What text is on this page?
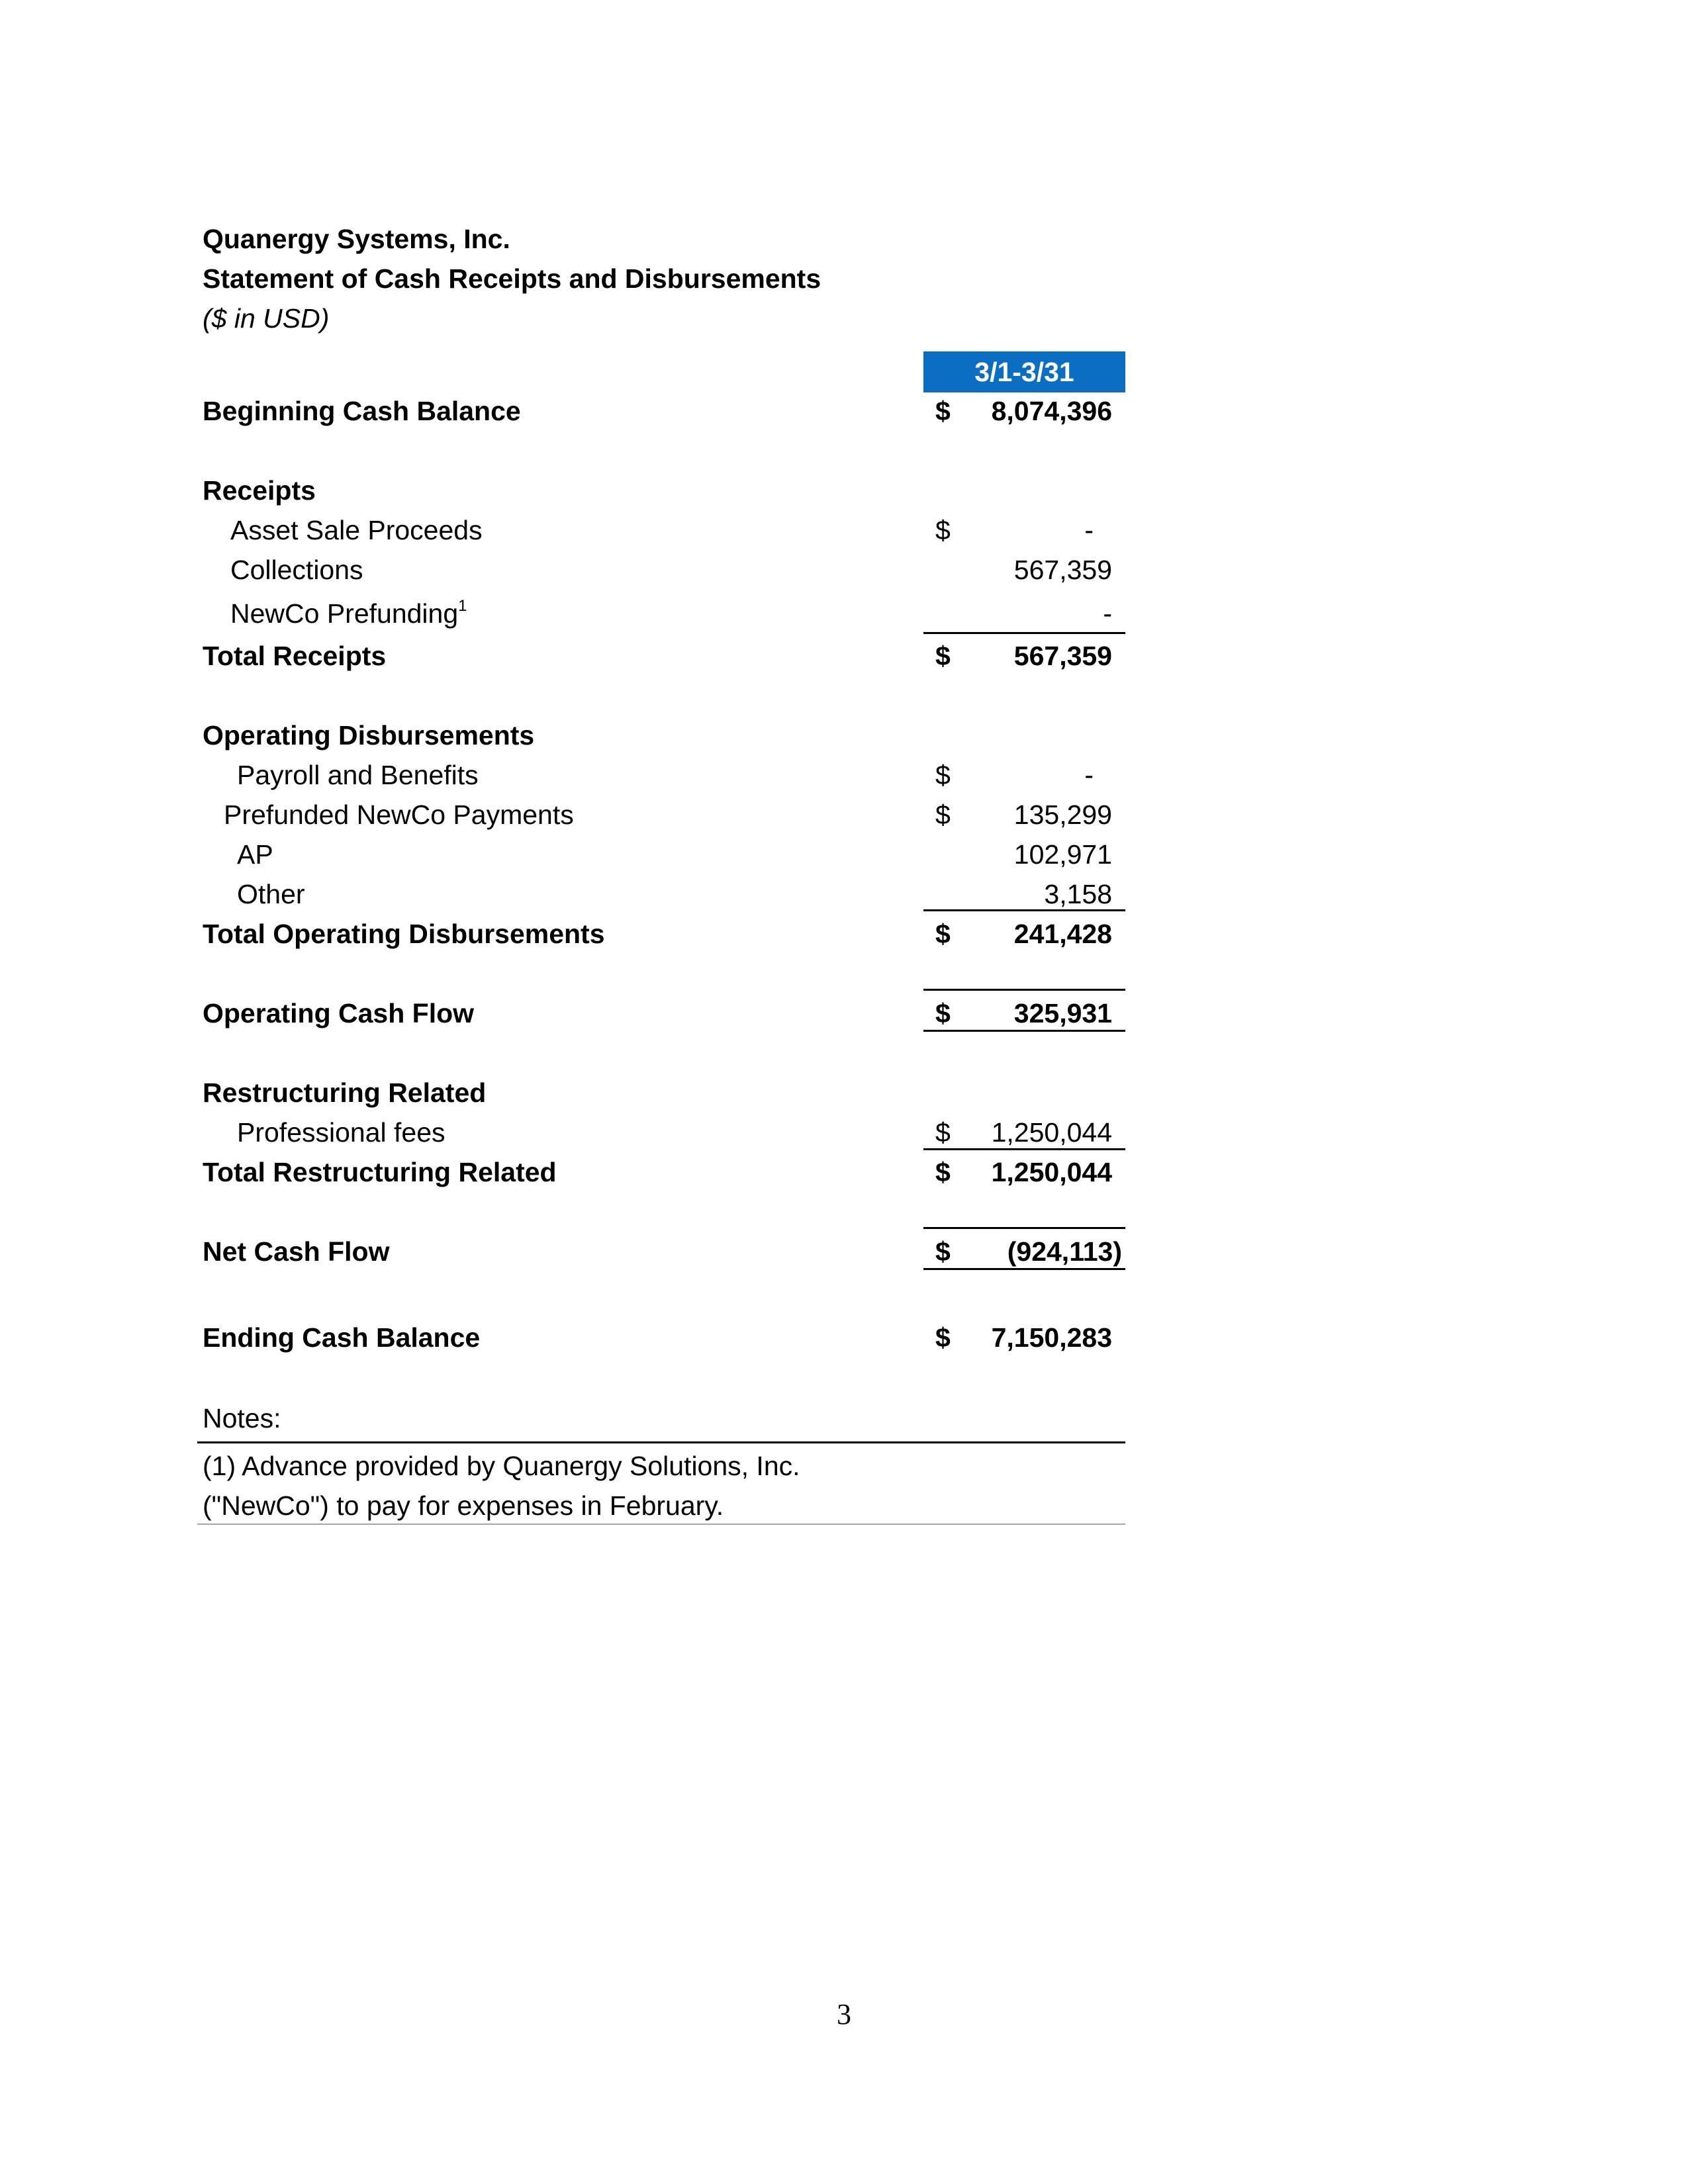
Quanergy Systems, Inc.
Statement of Cash Receipts and Disbursements
($ in USD)
3/1-3/31
Beginning Cash Balance	$	8,074,396
Receipts
Asset Sale Proceeds	$	-
Collections	567,359
NewCo Prefunding$^1$	-
Total Receipts	$	567,359
Operating Disbursements
Payroll and Benefits	$	-
Prefunded NewCo Payments	$	135,299
AP	102,971
Other	3,158
Total Operating Disbursements	$	241,428
Operating Cash Flow	$	325,931
Restructuring Related
Professional fees	$	1,250,044
Total Restructuring Related	$	1,250,044
Net Cash Flow	$	(924,113)
Ending Cash Balance	$	7,150,283
Notes:
(1) Advance provided by Quanergy Solutions, Inc.
("NewCo") to pay for expenses in February.
3
